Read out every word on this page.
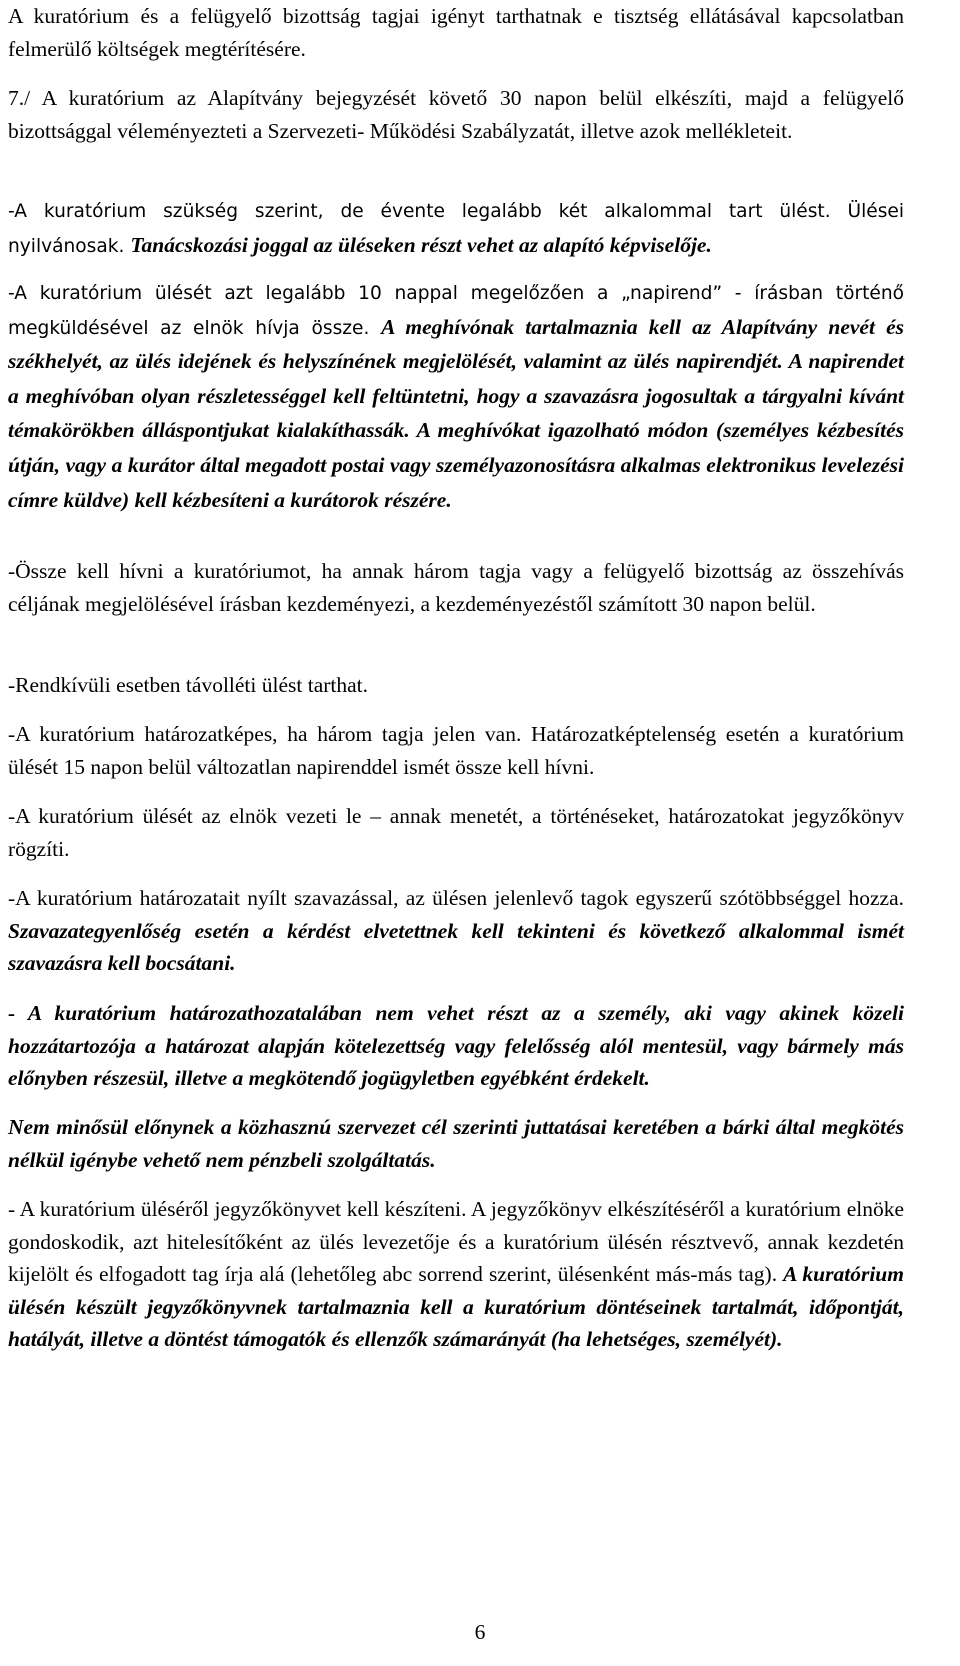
A kuratórium és a felügyelő bizottság tagjai igényt tarthatnak e tisztség ellátásával kapcsolatban felmerülő költségek megtérítésére.

7./ A kuratórium az Alapítvány bejegyzését követő 30 napon belül elkészíti, majd a felügyelő bizottsággal véleményezteti a Szervezeti- Működési Szabályzatát, illetve azok mellékleteit.

-A kuratórium szükség szerint, de évente legalább két alkalommal tart ülést. Ülései nyilvánosak. Tanácskozási joggal az üléseken részt vehet az alapító képviselője.

-A kuratórium ülését azt legalább 10 nappal megelőzően a „napirend” - írásban történő megküldésével az elnök hívja össze. A meghívónak tartalmaznia kell az Alapítvány nevét és székhelyét, az ülés idejének és helyszínének megjelölését, valamint az ülés napirendjét. A napirendet a meghívóban olyan részletességgel kell feltüntetni, hogy a szavazásra jogosultak a tárgyalni kívánt témakörökben álláspontjukat kialakíthassák. A meghívókat igazolható módon (személyes kézbesítés útján, vagy a kurátor által megadott postai vagy személyazonosításra alkalmas elektronikus levelezési címre küldve) kell kézbesíteni a kurátorok részére.

-Össze kell hívni a kuratóriumot, ha annak három tagja vagy a felügyelő bizottság az összehívás céljának megjelölésével írásban kezdeményezi, a kezdeményezéstől számított 30 napon belül.

-Rendkívüli esetben távolléti ülést tarthat.

-A kuratórium határozatképes, ha három tagja jelen van. Határozatképtelenség esetén a kuratórium ülését 15 napon belül változatlan napirenddel ismét össze kell hívni.

-A kuratórium ülését az elnök vezeti le – annak menetét, a történéseket, határozatokat jegyzőkönyv rögzíti.

-A kuratórium határozatait nyílt szavazással, az ülésen jelenlevő tagok egyszerű szótöbbséggel hozza. Szavazategyenlőség esetén a kérdést elvetettnek kell tekinteni és következő alkalommal ismét szavazásra kell bocsátani.

- A kuratórium határozathozatalában nem vehet részt az a személy, aki vagy akinek közeli hozzátartozója a határozat alapján kötelezettség vagy felelősség alól mentesül, vagy bármely más előnyben részesül, illetve a megkötendő jogügyletben egyébként érdekelt.

Nem minősül előnynek a közhasznú szervezet cél szerinti juttatásai keretében a bárki által megkötés nélkül igénybe vehető nem pénzbeli szolgáltatás.

- A kuratórium üléséről jegyzőkönyvet kell készíteni. A jegyzőkönyv elkészítéséről a kuratórium elnöke gondoskodik, azt hitelesítőként az ülés levezetője és a kuratórium ülésén résztvevő, annak kezdetén kijelölt és elfogadott tag írja alá (lehetőleg abc sorrend szerint, ülésenként más-más tag). A kuratórium ülésén készült jegyzőkönyvnek tartalmaznia kell a kuratórium döntéseinek tartalmát, időpontját, hatályát, illetve a döntést támogatók és ellenzők számarányát (ha lehetséges, személyét).

6
